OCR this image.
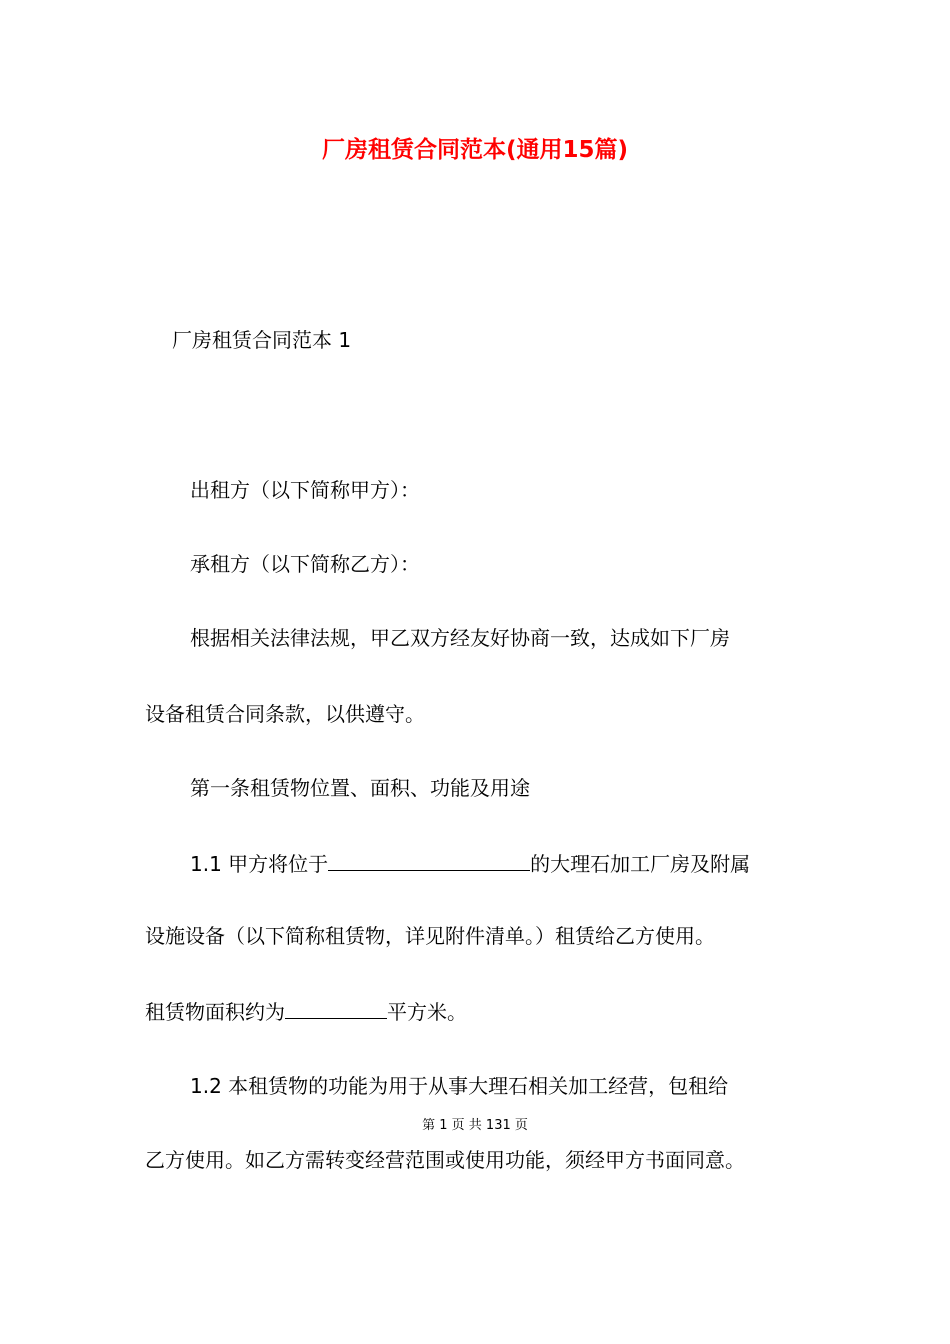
厂房租赁合同范本(通用15篇)
厂房租赁合同范本 1
出租方（以下简称甲方）：
承租方（以下简称乙方）：
根据相关法律法规，甲乙双方经友好协商一致，达成如下厂房
设备租赁合同条款，以供遵守。
第一条租赁物位置、面积、功能及用途
1.1 甲方将位于	的大理石加工厂房及附属
设施设备（以下简称租赁物，详见附件清单。）租赁给乙方使用。
租赁物面积约为	平方米。
1.2 本租赁物的功能为用于从事大理石相关加工经营，包租给
第 1 页 共 131 页
乙方使用。如乙方需转变经营范围或使用功能，须经甲方书面同意。
